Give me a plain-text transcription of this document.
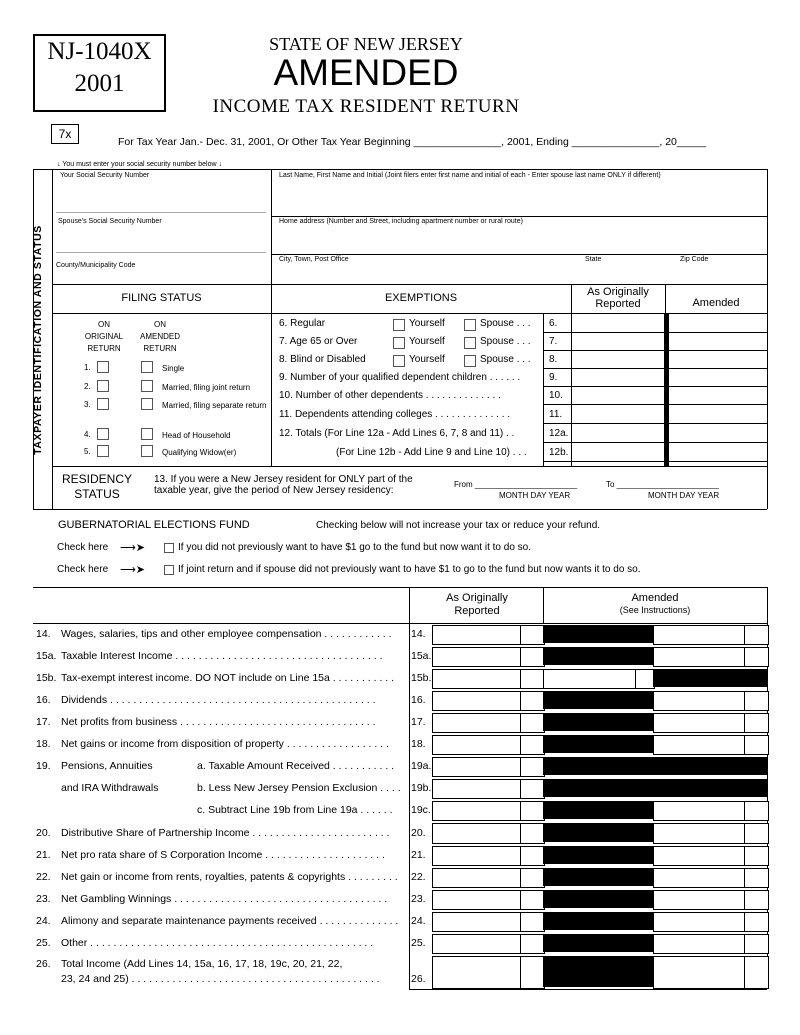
NJ-1040X
2001
STATE OF NEW JERSEY
AMENDED
INCOME TAX RESIDENT RETURN
7x
For Tax Year Jan.- Dec. 31, 2001, Or Other Tax Year Beginning _______________, 2001, Ending _______________, 20_____
↓ You must enter your social security number below ↓
TAXPAYER IDENTIFICATION AND STATUS
Your Social Security Number	Last Name, First Name and Initial (Joint filers enter first name and initial of each - Enter spouse last name ONLY if different)
Spouse's Social Security Number	Home address (Number and Street, including apartment number or rural route)
County/Municipality Code
City, Town, Post Office	State	Zip Code
FILING STATUS
ON ORIGINAL RETURN
ON AMENDED RETURN
1.	Single
2.	Married, filing joint return
3.	Married, filing separate return
4.	Head of Household
5.	Qualifying Widow(er)
EXEMPTIONS	As Originally Reported	Amended
6. Regular	Yourself	Spouse . . . 6.
7. Age 65 or Over	Yourself	Spouse . . . 7.
8. Blind or Disabled	Yourself	Spouse . . . 8.
9. Number of your qualified dependent children . . . . . .	9.
10. Number of other dependents . . . . . . . . . . . . . .	10.
11. Dependents attending colleges . . . . . . . . . . . . . .	11.
12. Totals (For Line 12a - Add Lines 6, 7, 8 and 11) . .	12a.
(For Line 12b - Add Line 9 and Line 10) . . . 12b.
RESIDENCY STATUS
13. If you were a New Jersey resident for ONLY part of the taxable year, give the period of New Jersey residency:
From _______________________
MONTH DAY YEAR
To _______________________
MONTH DAY YEAR
GUBERNATORIAL ELECTIONS FUND	Checking below will not increase your tax or reduce your refund.
Check here ⟶➤	If you did not previously want to have $1 go to the fund but now want it to do so.
Check here ⟶➤	If joint return and if spouse did not previously want to have $1 to go to the fund but now wants it to do so.
As Originally Reported
Amended
(See Instructions)
14. Wages, salaries, tips and other employee compensation . . . . . . . . . . . .	14.
15a. Taxable Interest Income . . . . . . . . . . . . . . . . . . . . . . . . . . . . . . . . . . . .	15a.
15b. Tax-exempt interest income. DO NOT include on Line 15a . . . . . . . . . . .	15b.
16. Dividends . . . . . . . . . . . . . . . . . . . . . . . . . . . . . . . . . . . . . . . . . . . . . .	16.
17. Net profits from business . . . . . . . . . . . . . . . . . . . . . . . . . . . . . . . . . .	17.
18. Net gains or income from disposition of property . . . . . . . . . . . . . . . . . .	18.
19. Pensions, Annuities	a. Taxable Amount Received . . . . . . . . . . .	19a.
and IRA Withdrawals	b. Less New Jersey Pension Exclusion . . . . 19b.
c. Subtract Line 19b from Line 19a . . . . . .	19c.
20. Distributive Share of Partnership Income . . . . . . . . . . . . . . . . . . . . . . . .	20.
21. Net pro rata share of S Corporation Income . . . . . . . . . . . . . . . . . . . . .	21.
22. Net gain or income from rents, royalties, patents & copyrights . . . . . . . . .	22.
23. Net Gambling Winnings . . . . . . . . . . . . . . . . . . . . . . . . . . . . . . . . . . . . .	23.
24. Alimony and separate maintenance payments received . . . . . . . . . . . . . .	24.
25. Other . . . . . . . . . . . . . . . . . . . . . . . . . . . . . . . . . . . . . . . . . . . . . . . . .	25.
26. Total Income (Add Lines 14, 15a, 16, 17, 18, 19c, 20, 21, 22,
23, 24 and 25) . . . . . . . . . . . . . . . . . . . . . . . . . . . . . . . . . . . . . . . . . . .	26.
